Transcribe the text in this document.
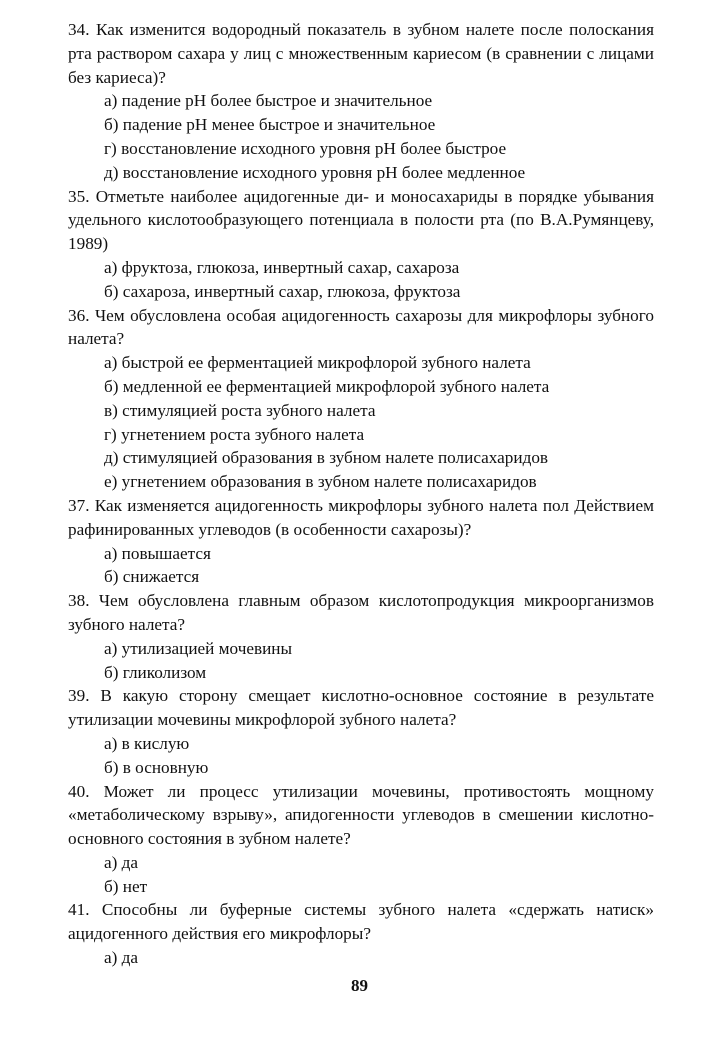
34. Как изменится водородный показатель в зубном налете после полоскания рта раствором сахара у лиц с множественным кариесом (в сравнении с лицами без кариеса)?

а) падение pH более быстрое и значительное
б) падение pH менее быстрое и значительное
г) восстановление исходного уровня pH более быстрое
д) восстановление исходного уровня pH более медленное

35. Отметьте наиболее ацидогенные ди- и моносахариды в порядке убывания удельного кислотообразующего потенциала в полости рта (по В.А.Румянцеву, 1989)

а) фруктоза, глюкоза, инвертный сахар, сахароза
б) сахароза, инвертный сахар, глюкоза, фруктоза

36. Чем обусловлена особая ацидогенность сахарозы для микрофлоры зубного налета?

а) быстрой ее ферментацией микрофлорой зубного налета
б) медленной ее ферментацией микрофлорой зубного налета
в) стимуляцией роста зубного налета
г) угнетением роста зубного налета
д) стимуляцией образования в зубном налете полисахаридов
е) угнетением образования в зубном налете полисахаридов

37. Как изменяется ацидогенность микрофлоры зубного налета пол Действием рафинированных углеводов (в особенности сахарозы)?

а) повышается
б) снижается

38. Чем обусловлена главным образом кислотопродукция микроорганизмов зубного налета?

а) утилизацией мочевины
б) гликолизом

39. В какую сторону смещает кислотно-основное состояние в результате утилизации мочевины микрофлорой зубного налета?

а) в кислую
б) в основную

40. Может ли процесс утилизации мочевины, противостоять мощному «метаболическому взрыву», апидогенности углеводов в смешении кислотно-основного состояния в зубном налете?

а) да
б) нет

41. Способны ли буферные системы зубного налета «сдержать натиск» ацидогенного действия его микрофлоры?

а) да
89
